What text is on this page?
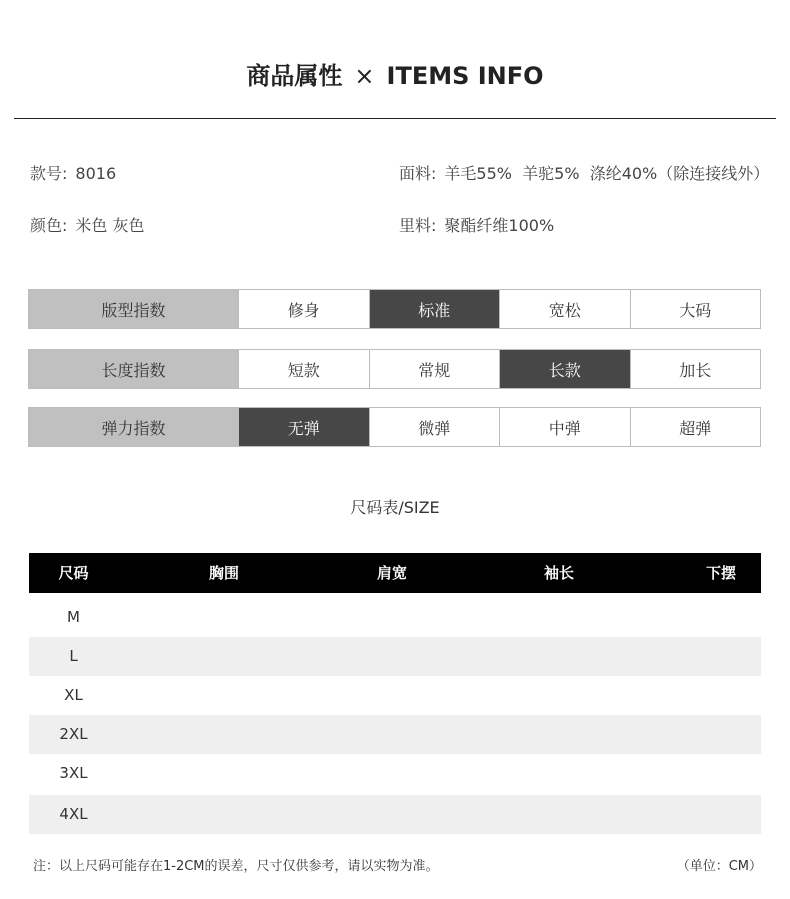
商品属性 × ITEMS INFO
款号: 8016
颜色: 米色 灰色
面料: 羊毛55%  羊驼5%  涤纶40%（除连接线外）
里料: 聚酯纤维100%
版型指数	修身	标准	宽松	大码
长度指数	短款	常规	长款	加长
弹力指数	无弹	微弹	中弹	超弹
尺码表/SIZE
尺码	胸围	肩宽	袖长	下摆
M
L
XL
2XL
3XL
4XL
注：以上尺码可能存在1-2CM的误差，尺寸仅供参考，请以实物为准。	（单位：CM）
